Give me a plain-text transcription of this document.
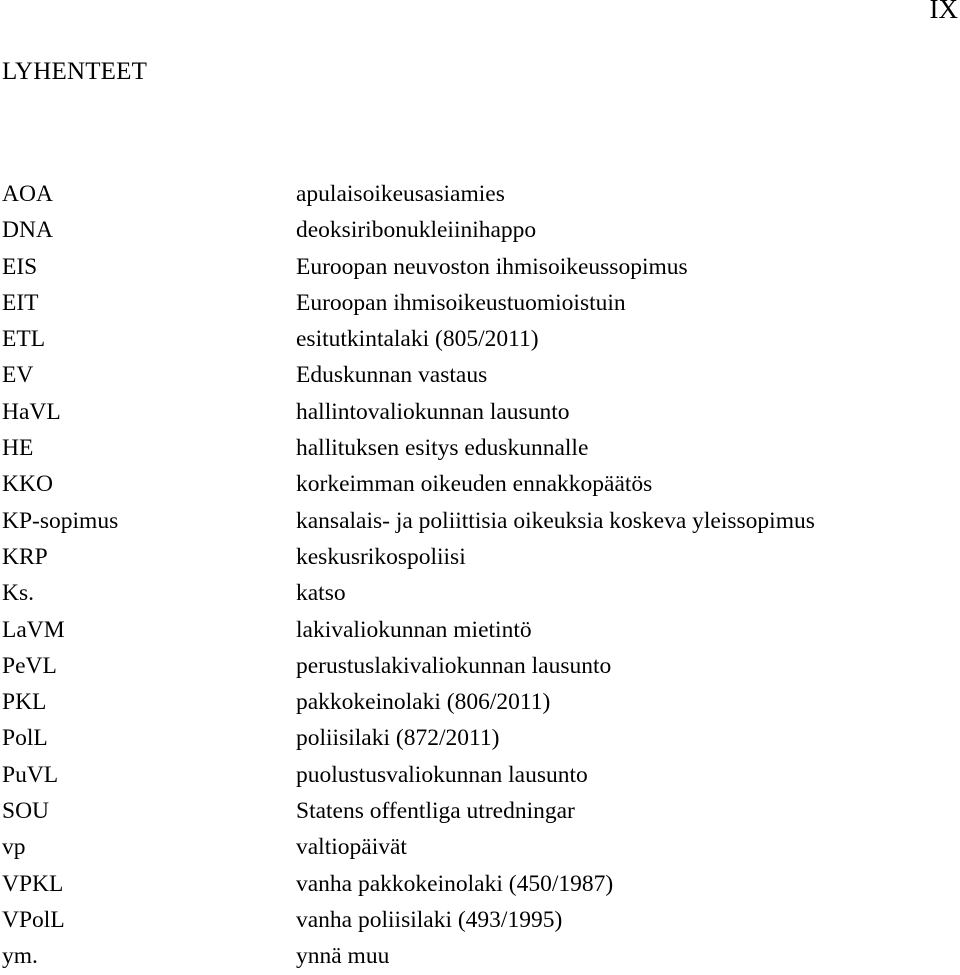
IX
LYHENTEET
AOA	apulaisoikeusasiamies
DNA	deoksiribonukleiinihappo
EIS	Euroopan neuvoston ihmisoikeussopimus
EIT	Euroopan ihmisoikeustuomioistuin
ETL	esitutkintalaki (805/2011)
EV	Eduskunnan vastaus
HaVL	hallintovaliokunnan lausunto
HE	hallituksen esitys eduskunnalle
KKO	korkeimman oikeuden ennakkopäätös
KP-sopimus	kansalais- ja poliittisia oikeuksia koskeva yleissopimus
KRP	keskusrikospoliisi
Ks.	katso
LaVM	lakivaliokunnan mietintö
PeVL	perustuslakivaliokunnan lausunto
PKL	pakkokeinolaki (806/2011)
PolL	poliisilaki (872/2011)
PuVL	puolustusvaliokunnan lausunto
SOU	Statens offentliga utredningar
vp	valtiopäivät
VPKL	vanha pakkokeinolaki (450/1987)
VPolL	vanha poliisilaki (493/1995)
ym.	ynnä muu
